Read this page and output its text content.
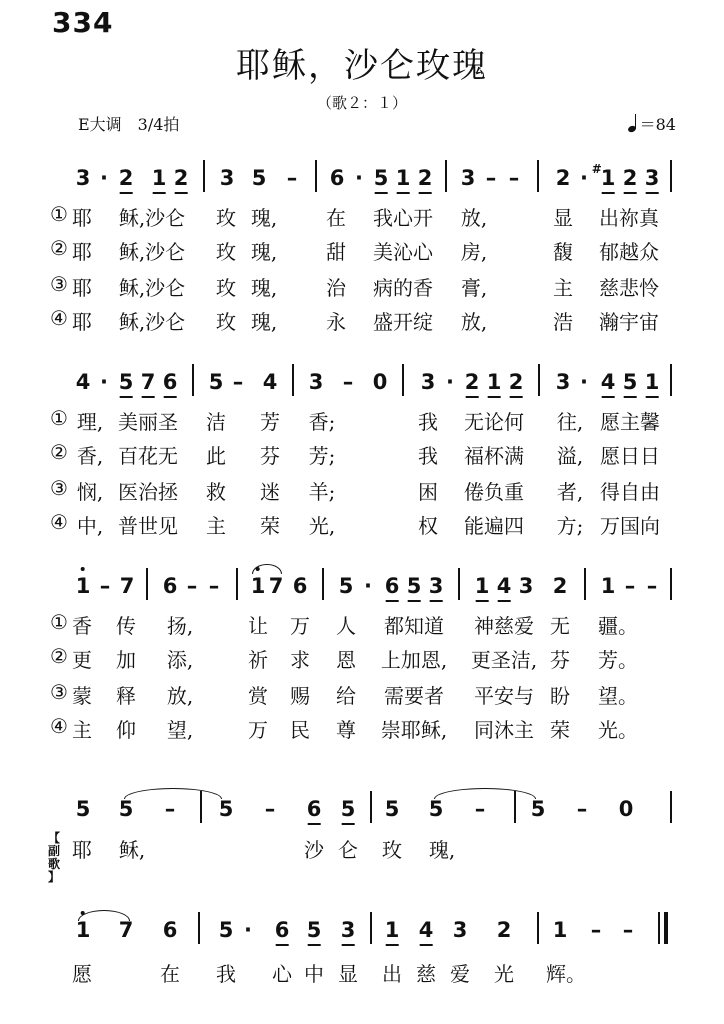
334
耶稣，沙仑玫瑰
（歌２：１）
E大调　3/4拍	＝84
3 · 2 1 2 3 5 – 6 · 5 1 2 3 – – 2 · #
1 2 3
① 耶 稣,沙仑 玫 瑰, 在 我心开 放,	显 出祢真
② 耶 稣,沙仑 玫 瑰, 甜 美沁心 房,	馥 郁越众
③ 耶 稣,沙仑 玫 瑰, 治 病的香 膏,	主 慈悲怜
④ 耶 稣,沙仑 玫 瑰, 永 盛开绽 放,	浩 瀚宇宙
4 · 5 7 6 5 – 4 3 – 0 3 · 2 1 2 3 · 4 5 1
① 理, 美丽圣 洁 芳 香;	我 无论何 往, 愿主馨
② 香, 百花无 此 芬 芳;	我 福杯满 溢, 愿日日
③ 悯, 医治拯 救 迷 羊;	困 倦负重 者, 得自由
④ 中, 普世见 主 荣 光,	权 能遍四 方; 万国向
1 – 7 6 – – 1 7 6 5 · 6 5 3 1 4 3 2 1 – –
① 香 传 扬,	让 万 人 都知道 神慈爱 无 疆。
② 更 加 添,	祈 求 恩 上加恩, 更圣洁, 芬 芳。
③ 蒙 释 放,	赏 赐 给 需要者 平安与 盼 望。
④ 主 仰 望,	万 民 尊 崇耶稣, 同沐主 荣 光。
5 5 – 5 – 6 5 5 5 – 5 – 0
【
副
歌
】
耶 稣,	沙 仑 玫 瑰,
1 7 6 5 · 6 5 3 1 4 3 2 1 – –
愿	在 我 心 中 显 出 慈 爱 光 辉。
